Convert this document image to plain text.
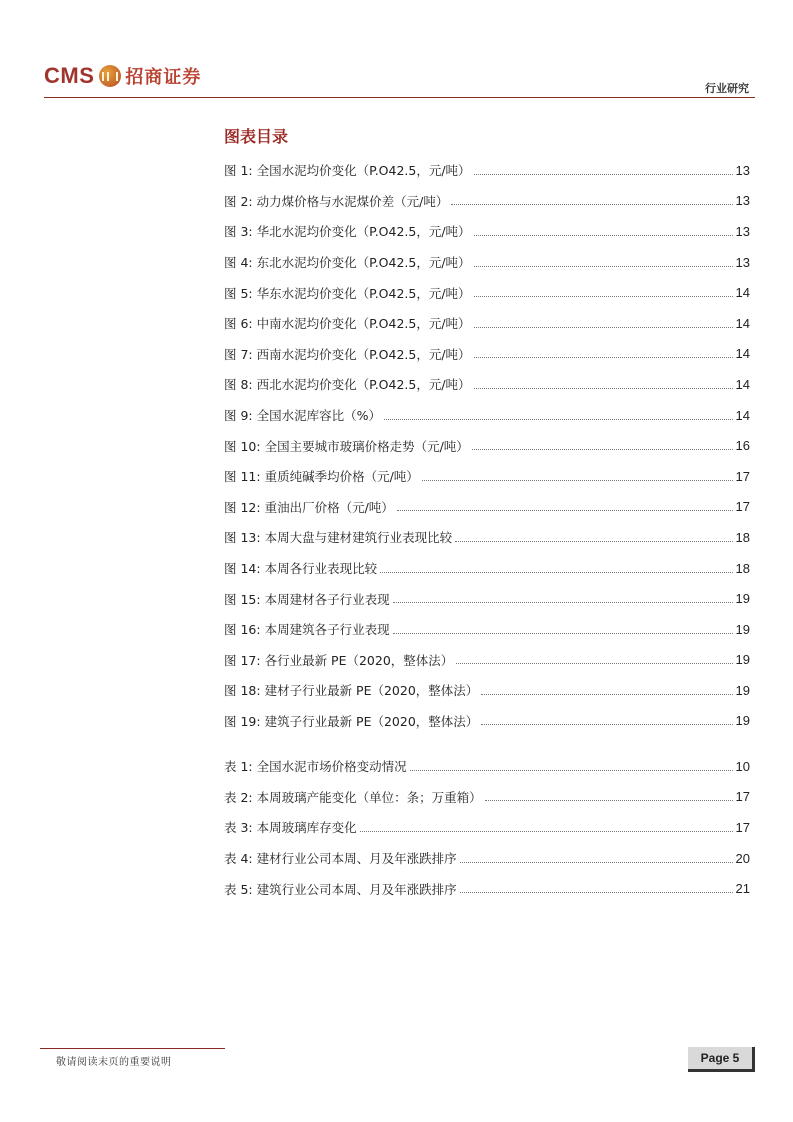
CMS 招商证券
行业研究
图表目录
图 1: 全国水泥均价变化（P.O42.5，元/吨）	13
图 2: 动力煤价格与水泥煤价差（元/吨）	13
图 3: 华北水泥均价变化（P.O42.5，元/吨）	13
图 4: 东北水泥均价变化（P.O42.5，元/吨）	13
图 5: 华东水泥均价变化（P.O42.5，元/吨）	14
图 6: 中南水泥均价变化（P.O42.5，元/吨）	14
图 7: 西南水泥均价变化（P.O42.5，元/吨）	14
图 8: 西北水泥均价变化（P.O42.5，元/吨）	14
图 9: 全国水泥库容比（%）	14
图 10: 全国主要城市玻璃价格走势（元/吨）	16
图 11: 重质纯碱季均价格（元/吨）	17
图 12: 重油出厂价格（元/吨）	17
图 13: 本周大盘与建材建筑行业表现比较	18
图 14: 本周各行业表现比较	18
图 15: 本周建材各子行业表现	19
图 16: 本周建筑各子行业表现	19
图 17: 各行业最新 PE（2020，整体法）	19
图 18: 建材子行业最新 PE（2020，整体法）	19
图 19: 建筑子行业最新 PE（2020，整体法）	19
表 1: 全国水泥市场价格变动情况	10
表 2: 本周玻璃产能变化（单位：条；万重箱）	17
表 3: 本周玻璃库存变化	17
表 4: 建材行业公司本周、月及年涨跌排序	20
表 5: 建筑行业公司本周、月及年涨跌排序	21
敬请阅读末页的重要说明	Page 5
